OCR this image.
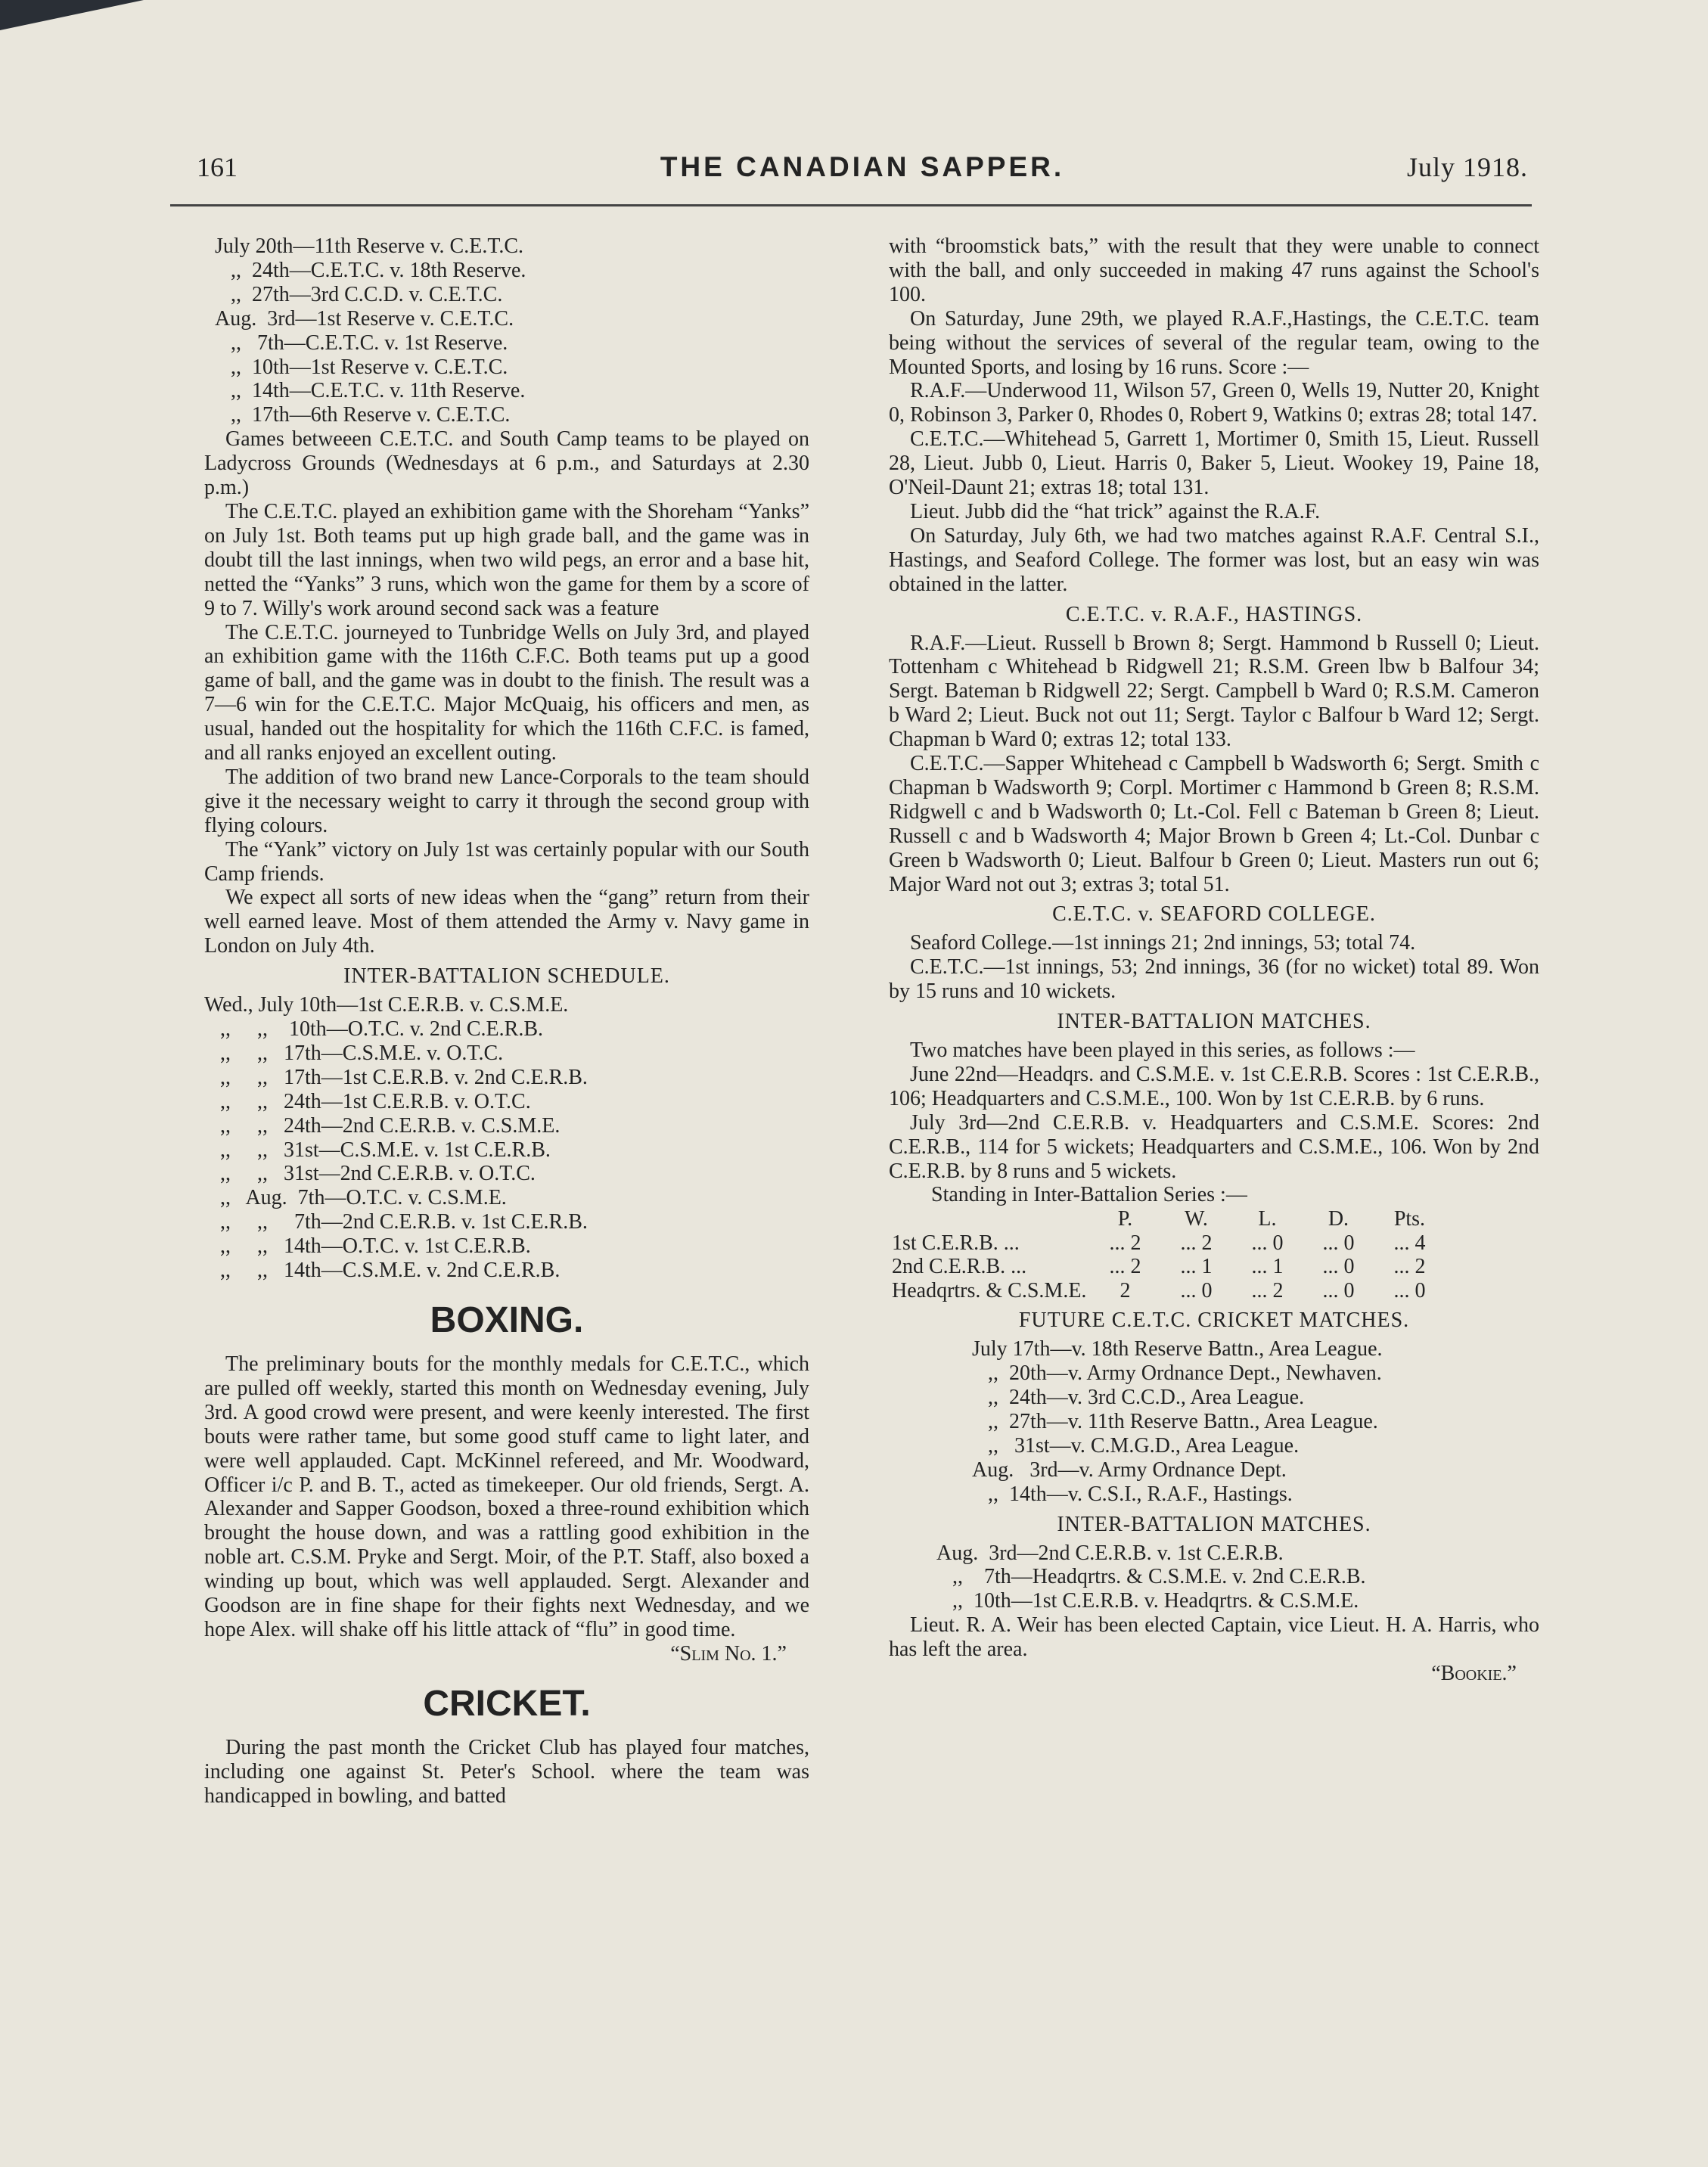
161	THE CANADIAN SAPPER.	July 1918.
July 20th—11th Reserve v. C.E.T.C.
,,  24th—C.E.T.C. v. 18th Reserve.
,,  27th—3rd C.C.D. v. C.E.T.C.
Aug.  3rd—1st Reserve v. C.E.T.C.
,,   7th—C.E.T.C. v. 1st Reserve.
,,  10th—1st Reserve v. C.E.T.C.
,,  14th—C.E.T.C. v. 11th Reserve.
,,  17th—6th Reserve v. C.E.T.C.

Games betweeen C.E.T.C. and South Camp teams to be played on Ladycross Grounds (Wednesdays at 6 p.m., and Saturdays at 2.30 p.m.)

The C.E.T.C. played an exhibition game with the Shoreham “Yanks” on July 1st. Both teams put up high grade ball, and the game was in doubt till the last innings, when two wild pegs, an error and a base hit, netted the “Yanks” 3 runs, which won the game for them by a score of 9 to 7. Willy's work around second sack was a feature

The C.E.T.C. journeyed to Tunbridge Wells on July 3rd, and played an exhibition game with the 116th C.F.C. Both teams put up a good game of ball, and the game was in doubt to the finish. The result was a 7—6 win for the C.E.T.C. Major McQuaig, his officers and men, as usual, handed out the hospitality for which the 116th C.F.C. is famed, and all ranks enjoyed an excellent outing.

The addition of two brand new Lance-Corporals to the team should give it the necessary weight to carry it through the second group with flying colours.

The “Yank” victory on July 1st was certainly popular with our South Camp friends.

We expect all sorts of new ideas when the “gang” return from their well earned leave. Most of them attended the Army v. Navy game in London on July 4th.

INTER-BATTALION SCHEDULE.
Wed., July 10th—1st C.E.R.B. v. C.S.M.E.
,,     ,,    10th—O.T.C. v. 2nd C.E.R.B.
,,     ,,   17th—C.S.M.E. v. O.T.C.
,,     ,,   17th—1st C.E.R.B. v. 2nd C.E.R.B.
,,     ,,   24th—1st C.E.R.B. v. O.T.C.
,,     ,,   24th—2nd C.E.R.B. v. C.S.M.E.
,,     ,,   31st—C.S.M.E. v. 1st C.E.R.B.
,,     ,,   31st—2nd C.E.R.B. v. O.T.C.
,,   Aug.  7th—O.T.C. v. C.S.M.E.
,,     ,,     7th—2nd C.E.R.B. v. 1st C.E.R.B.
,,     ,,   14th—O.T.C. v. 1st C.E.R.B.
,,     ,,   14th—C.S.M.E. v. 2nd C.E.R.B.
BOXING.

The preliminary bouts for the monthly medals for C.E.T.C., which are pulled off weekly, started this month on Wednesday evening, July 3rd. A good crowd were present, and were keenly interested. The first bouts were rather tame, but some good stuff came to light later, and were well applauded. Capt. McKinnel refereed, and Mr. Woodward, Officer i/c P. and B. T., acted as timekeeper. Our old friends, Sergt. A. Alexander and Sapper Goodson, boxed a three-round exhibition which brought the house down, and was a rattling good exhibition in the noble art. C.S.M. Pryke and Sergt. Moir, of the P.T. Staff, also boxed a winding up bout, which was well applauded. Sergt. Alexander and Goodson are in fine shape for their fights next Wednesday, and we hope Alex. will shake off his little attack of “flu” in good time.

“Slim No. 1.”
CRICKET.

During the past month the Cricket Club has played four matches, including one against St. Peter's School. where the team was handicapped in bowling, and batted

with “broomstick bats,” with the result that they were unable to connect with the ball, and only succeeded in making 47 runs against the School's 100.

On Saturday, June 29th, we played R.A.F.,Hastings, the C.E.T.C. team being without the services of several of the regular team, owing to the Mounted Sports, and losing by 16 runs. Score :—

R.A.F.—Underwood 11, Wilson 57, Green 0, Wells 19, Nutter 20, Knight 0, Robinson 3, Parker 0, Rhodes 0, Robert 9, Watkins 0; extras 28; total 147.

C.E.T.C.—Whitehead 5, Garrett 1, Mortimer 0, Smith 15, Lieut. Russell 28, Lieut. Jubb 0, Lieut. Harris 0, Baker 5, Lieut. Wookey 19, Paine 18, O'Neil-Daunt 21; extras 18; total 131.

Lieut. Jubb did the “hat trick” against the R.A.F.

On Saturday, July 6th, we had two matches against R.A.F. Central S.I., Hastings, and Seaford College. The former was lost, but an easy win was obtained in the latter.

C.E.T.C. v. R.A.F., HASTINGS.

R.A.F.—Lieut. Russell b Brown 8; Sergt. Hammond b Russell 0; Lieut. Tottenham c Whitehead b Ridgwell 21; R.S.M. Green lbw b Balfour 34; Sergt. Bateman b Ridgwell 22; Sergt. Campbell b Ward 0; R.S.M. Cameron b Ward 2; Lieut. Buck not out 11; Sergt. Taylor c Balfour b Ward 12; Sergt. Chapman b Ward 0; extras 12; total 133.

C.E.T.C.—Sapper Whitehead c Campbell b Wadsworth 6; Sergt. Smith c Chapman b Wadsworth 9; Corpl. Mortimer c Hammond b Green 8; R.S.M. Ridgwell c and b Wadsworth 0; Lt.-Col. Fell c Bateman b Green 8; Lieut. Russell c and b Wadsworth 4; Major Brown b Green 4; Lt.-Col. Dunbar c Green b Wadsworth 0; Lieut. Balfour b Green 0; Lieut. Masters run out 6; Major Ward not out 3; extras 3; total 51.

C.E.T.C. v. SEAFORD COLLEGE.

Seaford College.—1st innings 21; 2nd innings, 53; total 74.

C.E.T.C.—1st innings, 53; 2nd innings, 36 (for no wicket) total 89. Won by 15 runs and 10 wickets.

INTER-BATTALION MATCHES.

Two matches have been played in this series, as follows :—

June 22nd—Headqrs. and C.S.M.E. v. 1st C.E.R.B. Scores : 1st C.E.R.B., 106; Headquarters and C.S.M.E., 100. Won by 1st C.E.R.B. by 6 runs.

July 3rd—2nd C.E.R.B. v. Headquarters and C.S.M.E. Scores: 2nd C.E.R.B., 114 for 5 wickets; Headquarters and C.S.M.E., 106. Won by 2nd C.E.R.B. by 8 runs and 5 wickets.

Standing in Inter-Battalion Series :—

	P.	W.	L.	D.	Pts.
1st C.E.R.B. ...	... 2	... 2	... 0	... 0	... 4
2nd C.E.R.B. ...	... 2	... 1	... 1	... 0	... 2
Headqrtrs. & C.S.M.E.	2	... 0	... 2	... 0	... 0
FUTURE C.E.T.C. CRICKET MATCHES.
July 17th—v. 18th Reserve Battn., Area League.
,,  20th—v. Army Ordnance Dept., Newhaven.
,,  24th—v. 3rd C.C.D., Area League.
,,  27th—v. 11th Reserve Battn., Area League.
,,   31st—v. C.M.G.D., Area League.
Aug.   3rd—v. Army Ordnance Dept.
,,  14th—v. C.S.I., R.A.F., Hastings.
INTER-BATTALION MATCHES.
Aug.  3rd—2nd C.E.R.B. v. 1st C.E.R.B.
,,    7th—Headqrtrs. & C.S.M.E. v. 2nd C.E.R.B.
,,  10th—1st C.E.R.B. v. Headqrtrs. & C.S.M.E.

Lieut. R. A. Weir has been elected Captain, vice Lieut. H. A. Harris, who has left the area.

“Bookie.”
